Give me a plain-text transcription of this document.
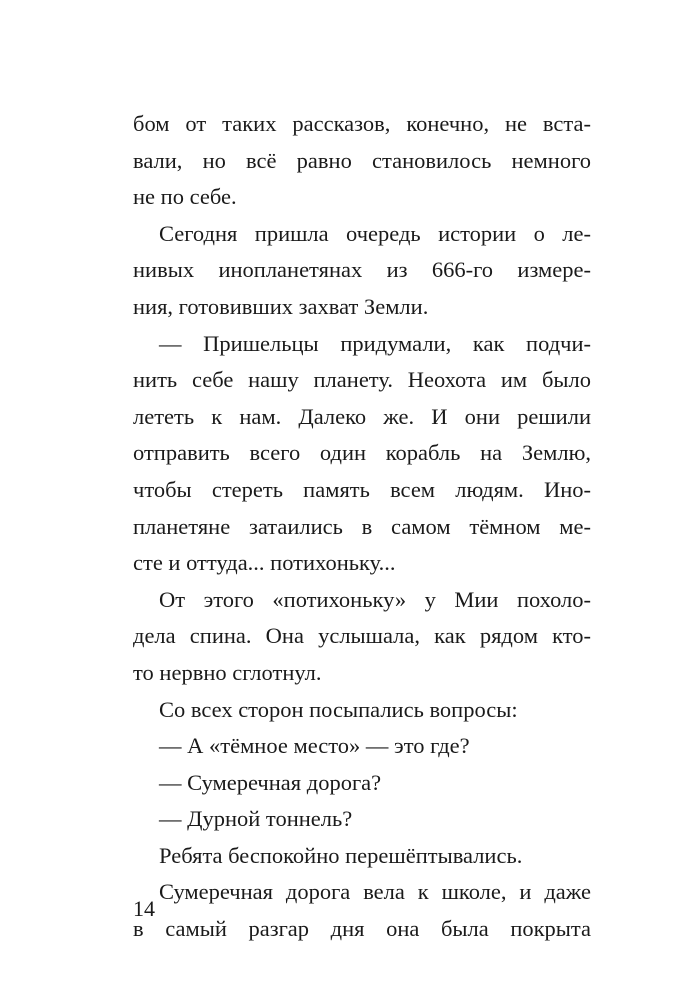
бом от таких рассказов, конечно, не вста-
вали, но всё равно становилось немного
не по себе.
Сегодня пришла очередь истории о ле-
нивых инопланетянах из 666-го измере-
ния, готовивших захват Земли.
— Пришельцы придумали, как подчи-
нить себе нашу планету. Неохота им было
лететь к нам. Далеко же. И они решили
отправить всего один корабль на Землю,
чтобы стереть память всем людям. Ино-
планетяне затаились в самом тёмном ме-
сте и оттуда... потихоньку...
От этого «потихоньку» у Мии похоло-
дела спина. Она услышала, как рядом кто-
то нервно сглотнул.
Со всех сторон посыпались вопросы:
— А «тёмное место» — это где?
— Сумеречная дорога?
— Дурной тоннель?
Ребята беспокойно перешёптывались.
Сумеречная дорога вела к школе, и даже
в самый разгар дня она была покрыта
14
